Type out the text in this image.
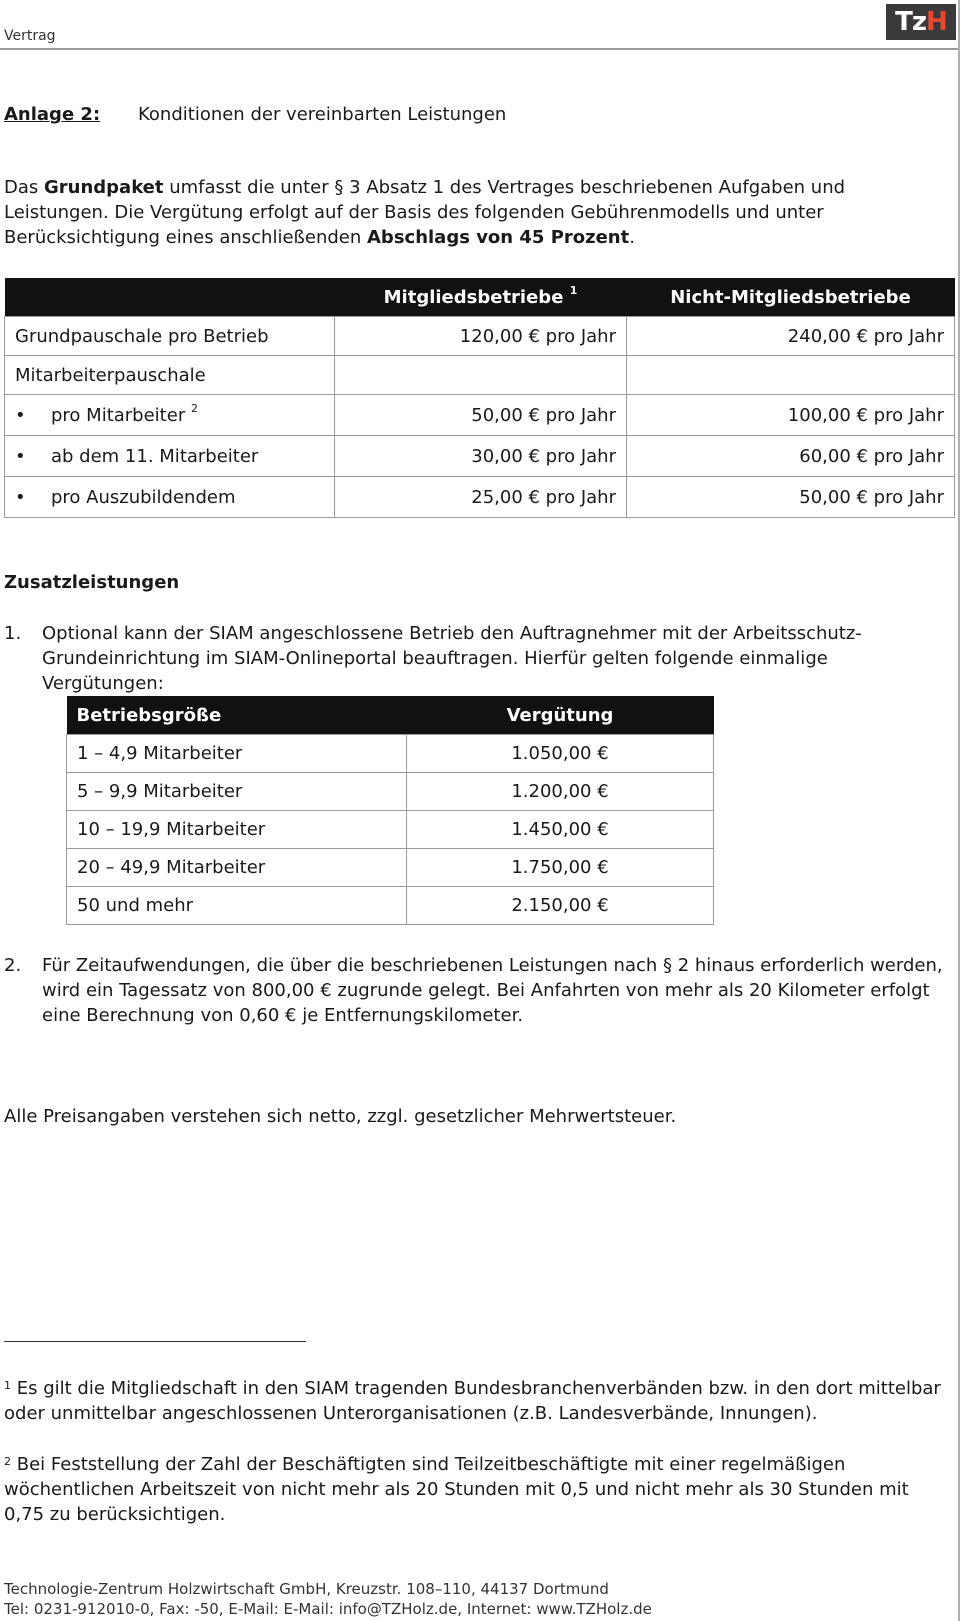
Vertrag	TzH
Anlage 2: Konditionen der vereinbarten Leistungen

Das Grundpaket umfasst die unter § 3 Absatz 1 des Vertrages beschriebenen Aufgaben und Leistungen. Die Vergütung erfolgt auf der Basis des folgenden Gebührenmodells und unter Berücksichtigung eines anschließenden Abschlags von 45 Prozent.

	Mitgliedsbetriebe $^1$	Nicht-Mitgliedsbetriebe
Grundpauschale pro Betrieb	120,00 € pro Jahr	240,00 € pro Jahr
Mitarbeiterpauschale		
• pro Mitarbeiter $^2$	50,00 € pro Jahr	100,00 € pro Jahr
• ab dem 11. Mitarbeiter	30,00 € pro Jahr	60,00 € pro Jahr
• pro Auszubildendem	25,00 € pro Jahr	50,00 € pro Jahr
Zusatzleistungen
1. Optional kann der SIAM angeschlossene Betrieb den Auftragnehmer mit der Arbeitsschutz-Grundeinrichtung im SIAM-Onlineportal beauftragen. Hierfür gelten folgende einmalige Vergütungen:
Betriebsgröße	Vergütung
1 – 4,9 Mitarbeiter	1.050,00 €
5 – 9,9 Mitarbeiter	1.200,00 €
10 – 19,9 Mitarbeiter	1.450,00 €
20 – 49,9 Mitarbeiter	1.750,00 €
50 und mehr	2.150,00 €
2. Für Zeitaufwendungen, die über die beschriebenen Leistungen nach § 2 hinaus erforderlich werden, wird ein Tagessatz von 800,00 € zugrunde gelegt. Bei Anfahrten von mehr als 20 Kilometer erfolgt eine Berechnung von 0,60 € je Entfernungskilometer.

Alle Preisangaben verstehen sich netto, zzgl. gesetzlicher Mehrwertsteuer.

$^1$ Es gilt die Mitgliedschaft in den SIAM tragenden Bundesbranchenverbänden bzw. in den dort mittelbar oder unmittelbar angeschlossenen Unterorganisationen (z.B. Landesverbände, Innungen).
$^2$ Bei Feststellung der Zahl der Beschäftigten sind Teilzeitbeschäftigte mit einer regelmäßigen wöchentlichen Arbeitszeit von nicht mehr als 20 Stunden mit 0,5 und nicht mehr als 30 Stunden mit 0,75 zu berücksichtigen.
Technologie-Zentrum Holzwirtschaft GmbH, Kreuzstr. 108–110, 44137 Dortmund
Tel: 0231-912010-0, Fax: -50, E-Mail: E-Mail: info@TZHolz.de, Internet: www.TZHolz.de
